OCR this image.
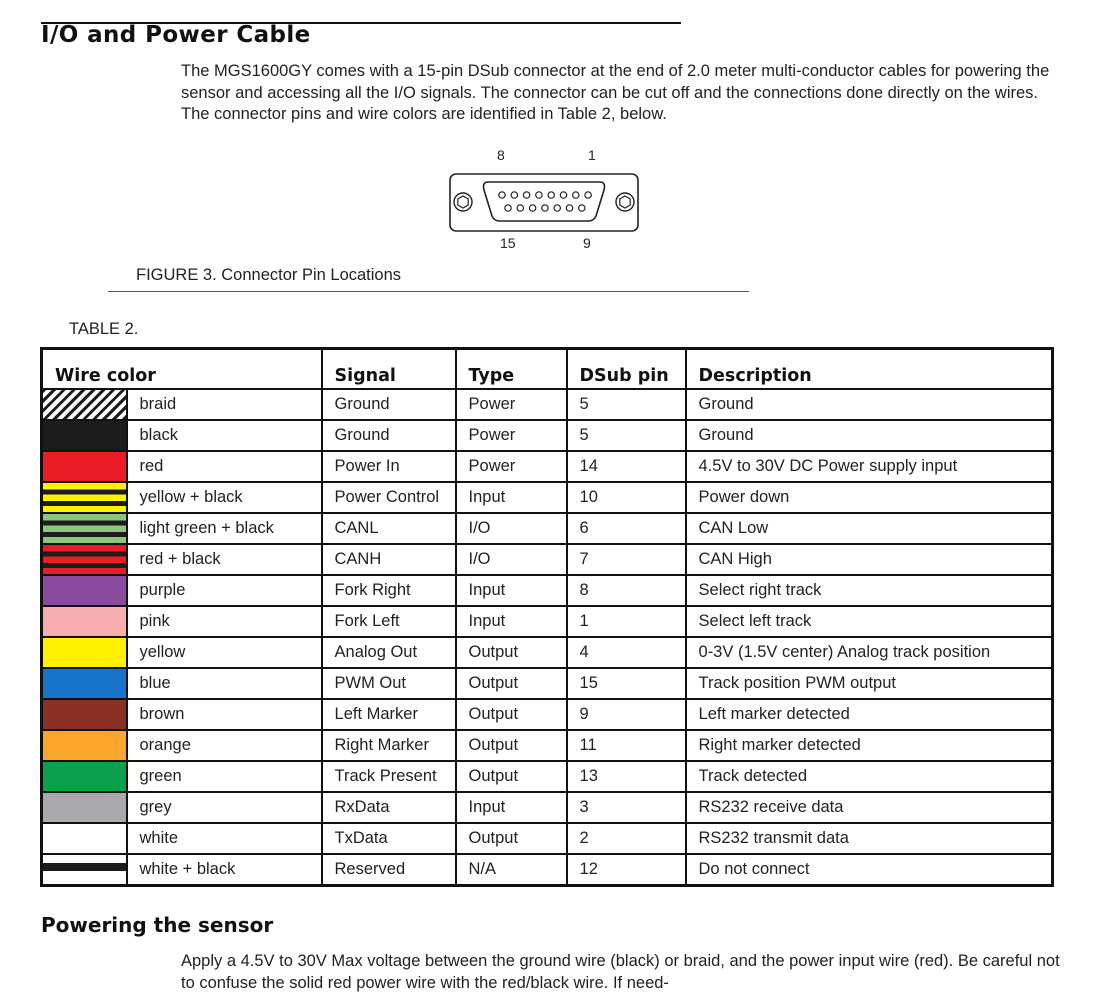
I/O and Power Cable
The MGS1600GY comes with a 15-pin DSub connector at the end of 2.0 meter multi-conductor cables for powering the sensor and accessing all the I/O signals. The connector can be cut off and the connections done directly on the wires. The connector pins and wire colors are identified in Table 2, below.
8	1
15	9
FIGURE 3. Connector Pin Locations
TABLE 2.
Wire color		Signal	Type	DSub pin	Description

	braid	Ground	Power	5	Ground

	black	Ground	Power	5	Ground

	red	Power In	Power	14	4.5V to 30V DC Power supply input

	yellow + black	Power Control	Input	10	Power down

	light green + black	CANL	I/O	6	CAN Low

	red + black	CANH	I/O	7	CAN High

	purple	Fork Right	Input	8	Select right track

	pink	Fork Left	Input	1	Select left track

	yellow	Analog Out	Output	4	0-3V (1.5V center) Analog track position

	blue	PWM Out	Output	15	Track position PWM output

	brown	Left Marker	Output	9	Left marker detected

	orange	Right Marker	Output	11	Right marker detected

	green	Track Present	Output	13	Track detected

	grey	RxData	Input	3	RS232 receive data

	white	TxData	Output	2	RS232 transmit data

	white + black	Reserved	N/A	12	Do not connect
Powering the sensor
Apply a 4.5V to 30V Max voltage between the ground wire (black) or braid, and the power input wire (red). Be careful not to confuse the solid red power wire with the red/black wire. If need-
